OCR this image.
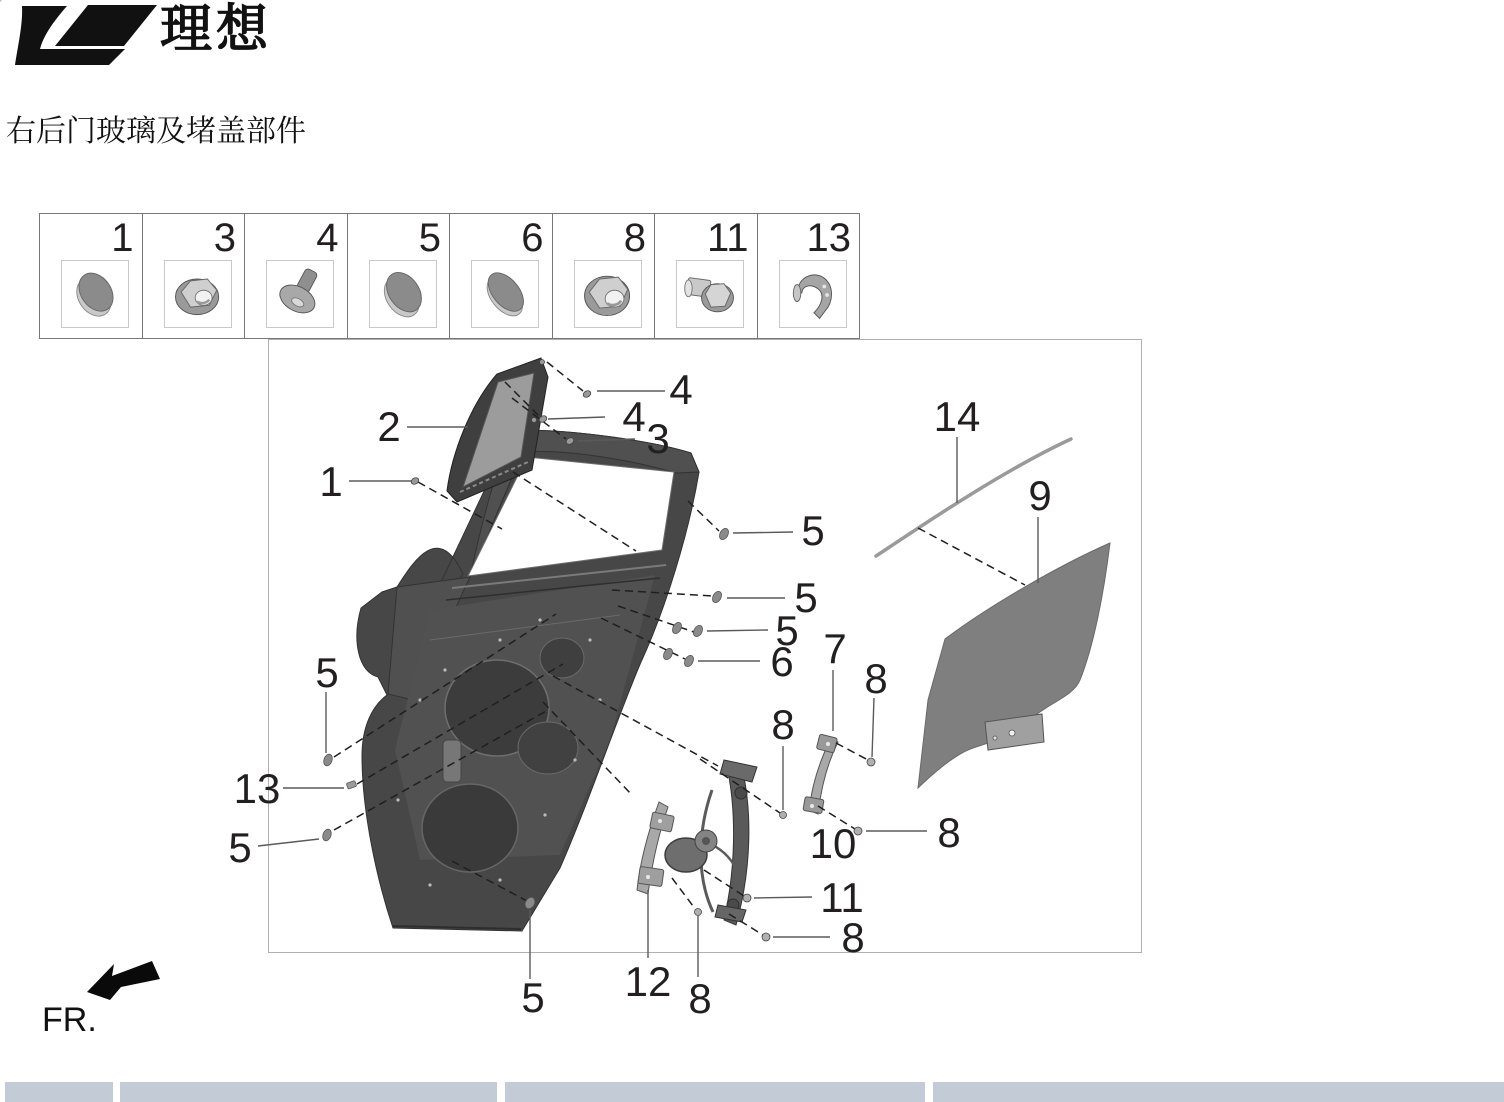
理想
右后门玻璃及堵盖部件
1 3 4 5 6 8 11 13
4
4 3
2
1
5
5
5
6
14
9
7
8
8
8
10
11
8
13
5
5
12 8
5
FR.
